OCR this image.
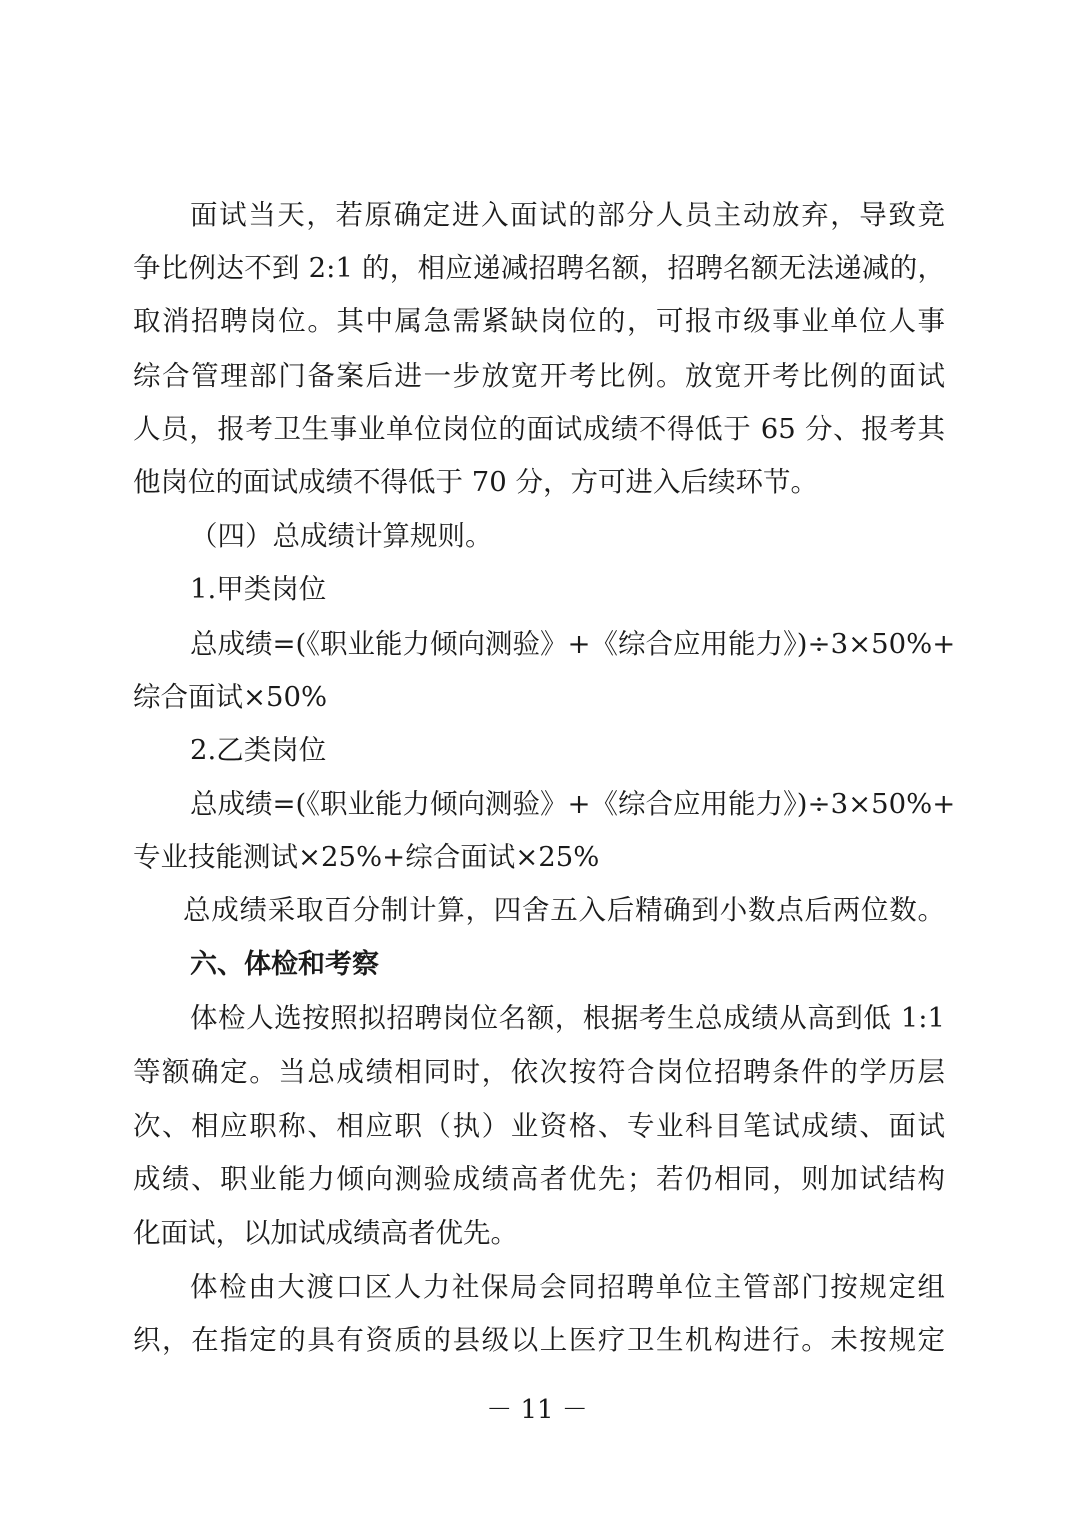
面试当天，若原确定进入面试的部分人员主动放弃，导致竞
争比例达不到 2:1 的，相应递减招聘名额，招聘名额无法递减的，
取消招聘岗位。其中属急需紧缺岗位的，可报市级事业单位人事
综合管理部门备案后进一步放宽开考比例。放宽开考比例的面试
人员，报考卫生事业单位岗位的面试成绩不得低于 65 分、报考其
他岗位的面试成绩不得低于 70 分，方可进入后续环节。
（四）总成绩计算规则。
1.甲类岗位
总成绩=(《职业能力倾向测验》+《综合应用能力》)÷3×50%+
综合面试×50%
2.乙类岗位
总成绩=(《职业能力倾向测验》+《综合应用能力》)÷3×50%+
专业技能测试×25%+综合面试×25%
总成绩采取百分制计算，四舍五入后精确到小数点后两位数。
六、体检和考察
体检人选按照拟招聘岗位名额，根据考生总成绩从高到低 1:1
等额确定。当总成绩相同时，依次按符合岗位招聘条件的学历层
次、相应职称、相应职（执）业资格、专业科目笔试成绩、面试
成绩、职业能力倾向测验成绩高者优先；若仍相同，则加试结构
化面试，以加试成绩高者优先。
体检由大渡口区人力社保局会同招聘单位主管部门按规定组
织，在指定的具有资质的县级以上医疗卫生机构进行。未按规定
－ 11 －
